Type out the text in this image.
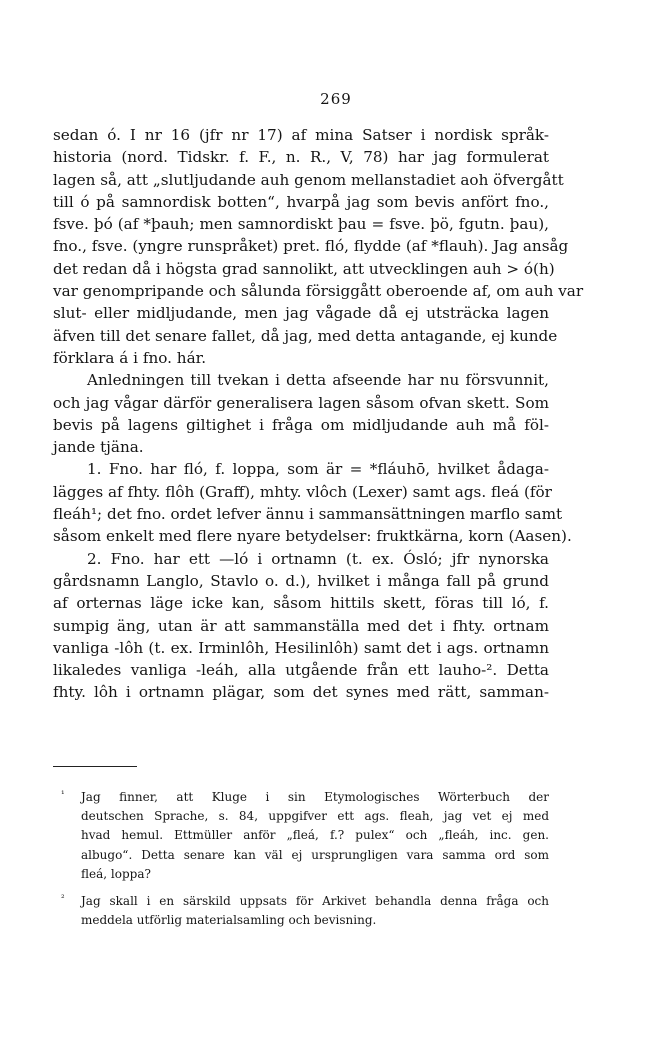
269
sedan ó. I nr 16 (jfr nr 17) af mina Satser i nordisk språk-
historia (nord. Tidskr. f. F., n. R., V, 78) har jag formulerat
lagen så, att „slutljudande auh genom mellanstadiet aoh öfvergått
till ó på samnordisk botten“, hvarpå jag som bevis anfört fno.,
fsve. þó (af *þauh; men samnordiskt þau = fsve. þö, fgutn. þau),
fno., fsve. (yngre runspråket) pret. fló, flydde (af *flauh). Jag ansåg
det redan då i högsta grad sannolikt, att utvecklingen auh > ó(h)
var genompripande och sålunda försiggått oberoende af, om auh var
slut- eller midljudande, men jag vågade då ej utsträcka lagen
äfven till det senare fallet, då jag, med detta antagande, ej kunde
förklara á i fno. hár.
Anledningen till tvekan i detta afseende har nu försvunnit,
och jag vågar därför generalisera lagen såsom ofvan skett. Som
bevis på lagens giltighet i fråga om midljudande auh må föl-
jande tjäna.
1. Fno. har fló, f. loppa, som är = *fláuhō, hvilket ådaga-
lägges af fhty. flôh (Graff), mhty. vlôch (Lexer) samt ags. fleá (för
fleáh¹; det fno. ordet lefver ännu i sammansättningen marflo samt
såsom enkelt med flere nyare betydelser: fruktkärna, korn (Aasen).
2. Fno. har ett —ló i ortnamn (t. ex. Ósló; jfr nynorska
gårdsnamn Langlo, Stavlo o. d.), hvilket i många fall på grund
af orternas läge icke kan, såsom hittils skett, föras till ló, f.
sumpig äng, utan är att sammanställa med det i fhty. ortnam
vanliga -lôh (t. ex. Irminlôh, Hesilinlôh) samt det i ags. ortnamn
likaledes vanliga -leáh, alla utgående från ett lauho-². Detta
fhty. lôh i ortnamn plägar, som det synes med rätt, samman-
¹	Jag finner, att Kluge i sin Etymologisches Wörterbuch der
deutschen Sprache, s. 84, uppgifver ett ags. fleah, jag vet ej med
hvad hemul. Ettmüller anför „fleá, f.? pulex“ och „fleáh, inc. gen.
albugo“. Detta senare kan väl ej ursprungligen vara samma ord som
fleá, loppa?
²	Jag skall i en särskild uppsats för Arkivet behandla denna fråga och
meddela utförlig materialsamling och bevisning.
